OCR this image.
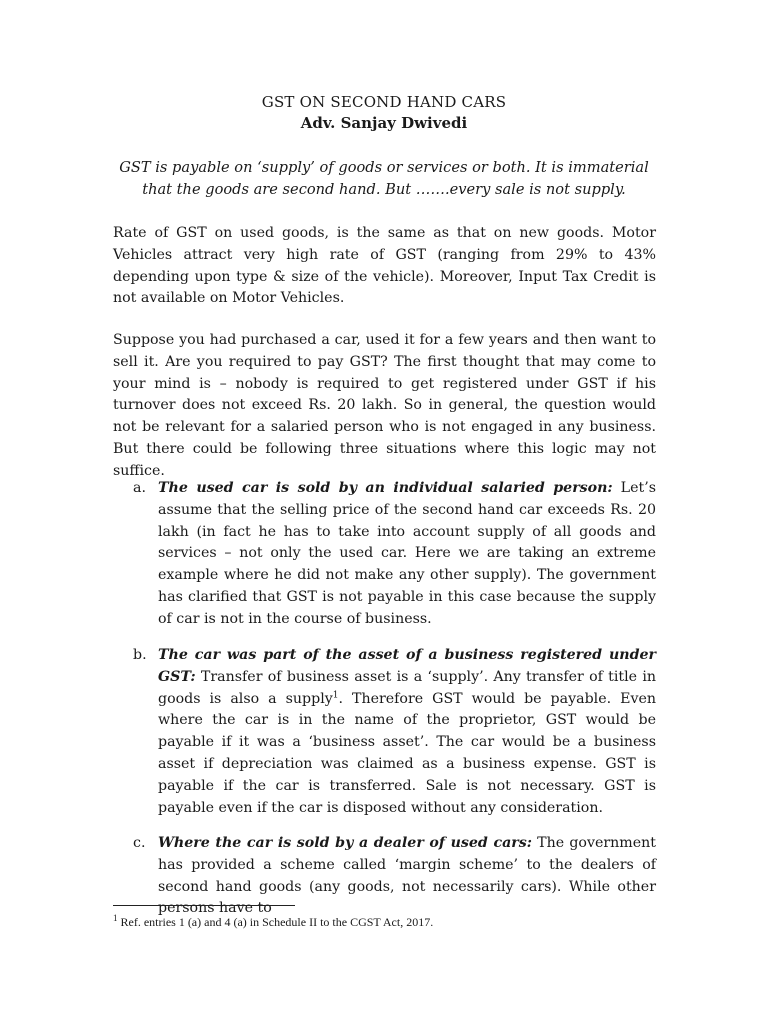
GST ON SECOND HAND CARS
Adv. Sanjay Dwivedi
GST is payable on ‘supply’ of goods or services or both. It is immaterial that the goods are second hand. But …….every sale is not supply.

Rate of GST on used goods, is the same as that on new goods. Motor Vehicles attract very high rate of GST (ranging from 29% to 43% depending upon type & size of the vehicle). Moreover, Input Tax Credit is not available on Motor Vehicles.

Suppose you had purchased a car, used it for a few years and then want to sell it. Are you required to pay GST? The first thought that may come to your mind is – nobody is required to get registered under GST if his turnover does not exceed Rs. 20 lakh. So in general, the question would not be relevant for a salaried person who is not engaged in any business. But there could be following three situations where this logic may not suffice.

a. The used car is sold by an individual salaried person: Let’s assume that the selling price of the second hand car exceeds Rs. 20 lakh (in fact he has to take into account supply of all goods and services – not only the used car. Here we are taking an extreme example where he did not make any other supply). The government has clarified that GST is not payable in this case because the supply of car is not in the course of business.
b. The car was part of the asset of a business registered under GST: Transfer of business asset is a ‘supply’. Any transfer of title in goods is also a supply$^1$. Therefore GST would be payable. Even where the car is in the name of the proprietor, GST would be payable if it was a ‘business asset’. The car would be a business asset if depreciation was claimed as a business expense. GST is payable if the car is transferred. Sale is not necessary. GST is payable even if the car is disposed without any consideration.
c. Where the car is sold by a dealer of used cars: The government has provided a scheme called ‘margin scheme’ to the dealers of second hand goods (any goods, not necessarily cars). While other persons have to
$^1$ Ref. entries 1 (a) and 4 (a) in Schedule II to the CGST Act, 2017.
